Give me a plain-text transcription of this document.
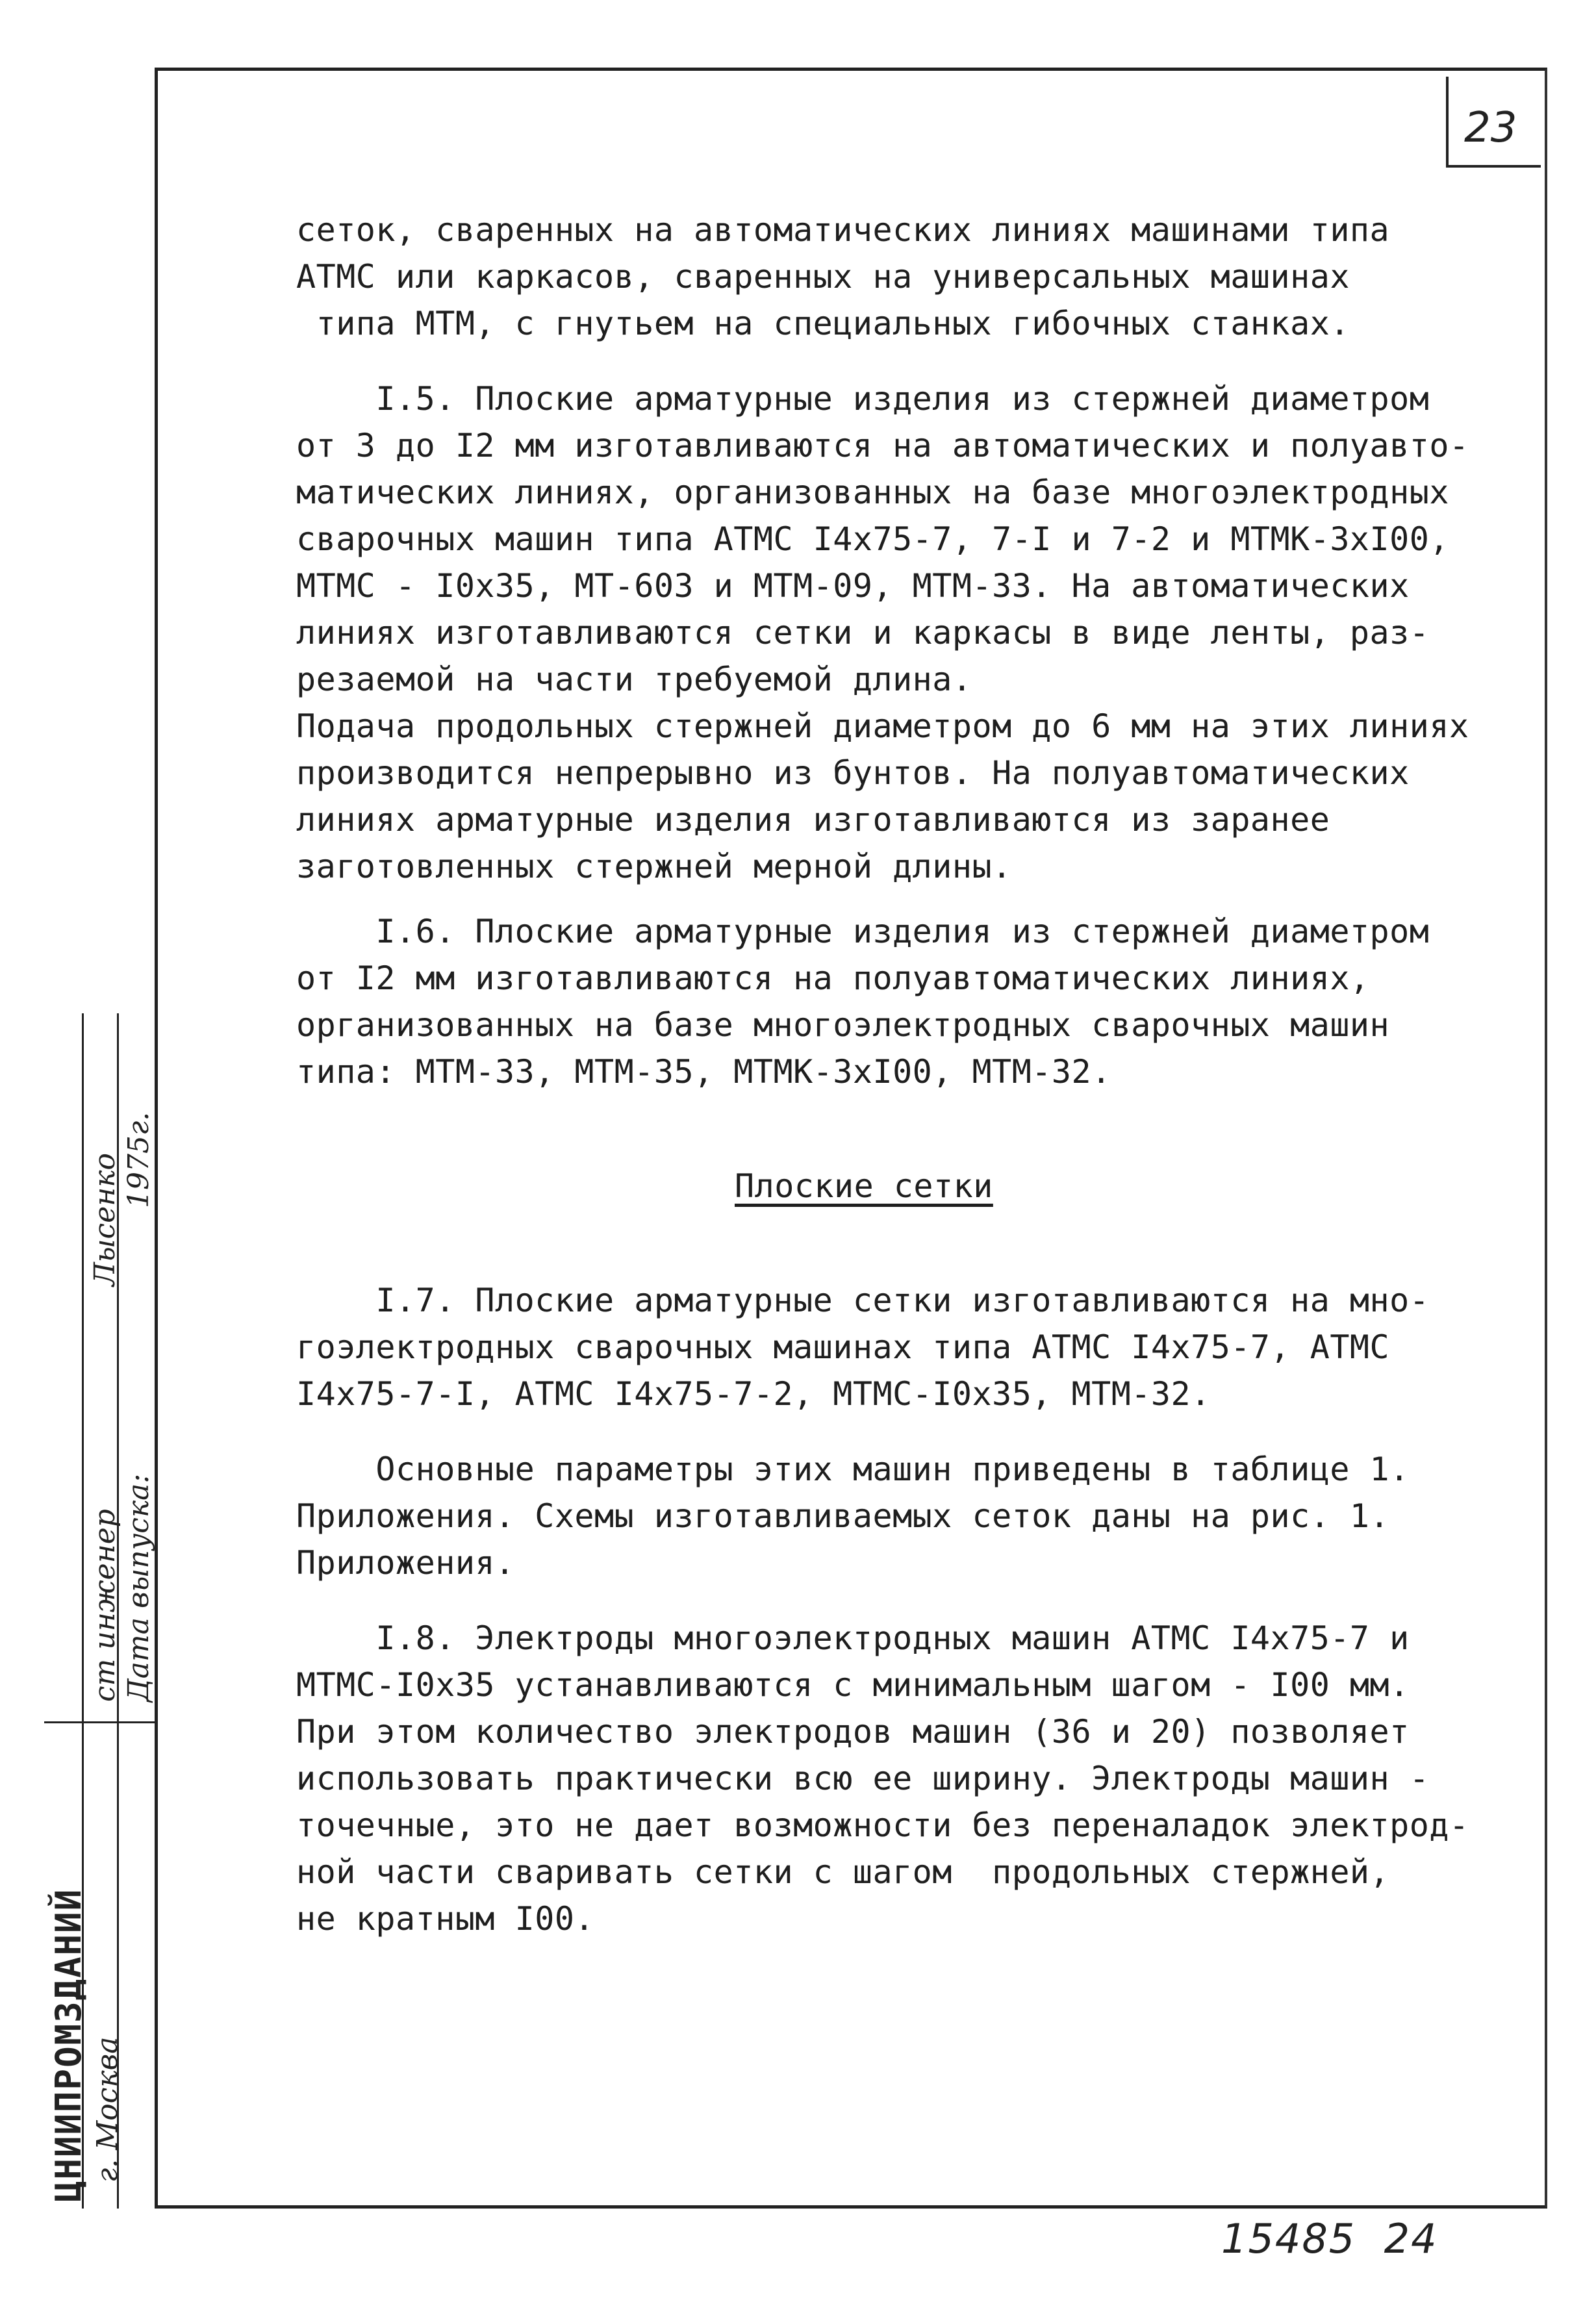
23
сеток, сваренных на автоматических линиях машинами типа
АТМС или каркасов, сваренных на универсальных машинах
типа МТМ, с гнутьем на специальных гибочных станках.
I.5. Плоские арматурные изделия из стержней диаметром
от 3 до I2 мм изготавливаются на автоматических и полуавто-
матических линиях, организованных на базе многоэлектродных
сварочных машин типа АТМС I4x75-7, 7-I и 7-2 и МТМК-3xI00,
МТМС - I0x35, МТ-603 и МТМ-09, МТМ-33. На автоматических
линиях изготавливаются сетки и каркасы в виде ленты, раз-
резаемой на части требуемой длина.
Подача продольных стержней диаметром до 6 мм на этих линиях
производится непрерывно из бунтов. На полуавтоматических
линиях арматурные изделия изготавливаются из заранее
заготовленных стержней мерной длины.
I.6. Плоские арматурные изделия из стержней диаметром
от I2 мм изготавливаются на полуавтоматических линиях,
организованных на базе многоэлектродных сварочных машин
типа: МТМ-33, МТМ-35, МТМК-3xI00, МТМ-32.
Плоские сетки
I.7. Плоские арматурные сетки изготавливаются на мно-
гоэлектродных сварочных машинах типа АТМС I4x75-7, АТМС
I4x75-7-I, АТМС I4x75-7-2, МТМС-I0x35, МТМ-32.
Основные параметры этих машин приведены в таблице 1.
Приложения. Схемы изготавливаемых сеток даны на рис. 1.
Приложения.
I.8. Электроды многоэлектродных машин АТМС I4x75-7 и
МТМС-I0x35 устанавливаются с минимальным шагом - I00 мм.
При этом количество электродов машин (36 и 20) позволяет
использовать практически всю ее ширину. Электроды машин -
точечные, это не дает возможности без переналадок электрод-
ной части сваривать сетки с шагом  продольных стержней,
не кратным I00.
ЦНИИПРОМЗДАНИЙ г. Москва
ст инженер
Лысенко
Дата выпуска:
1975г.
15485  24
